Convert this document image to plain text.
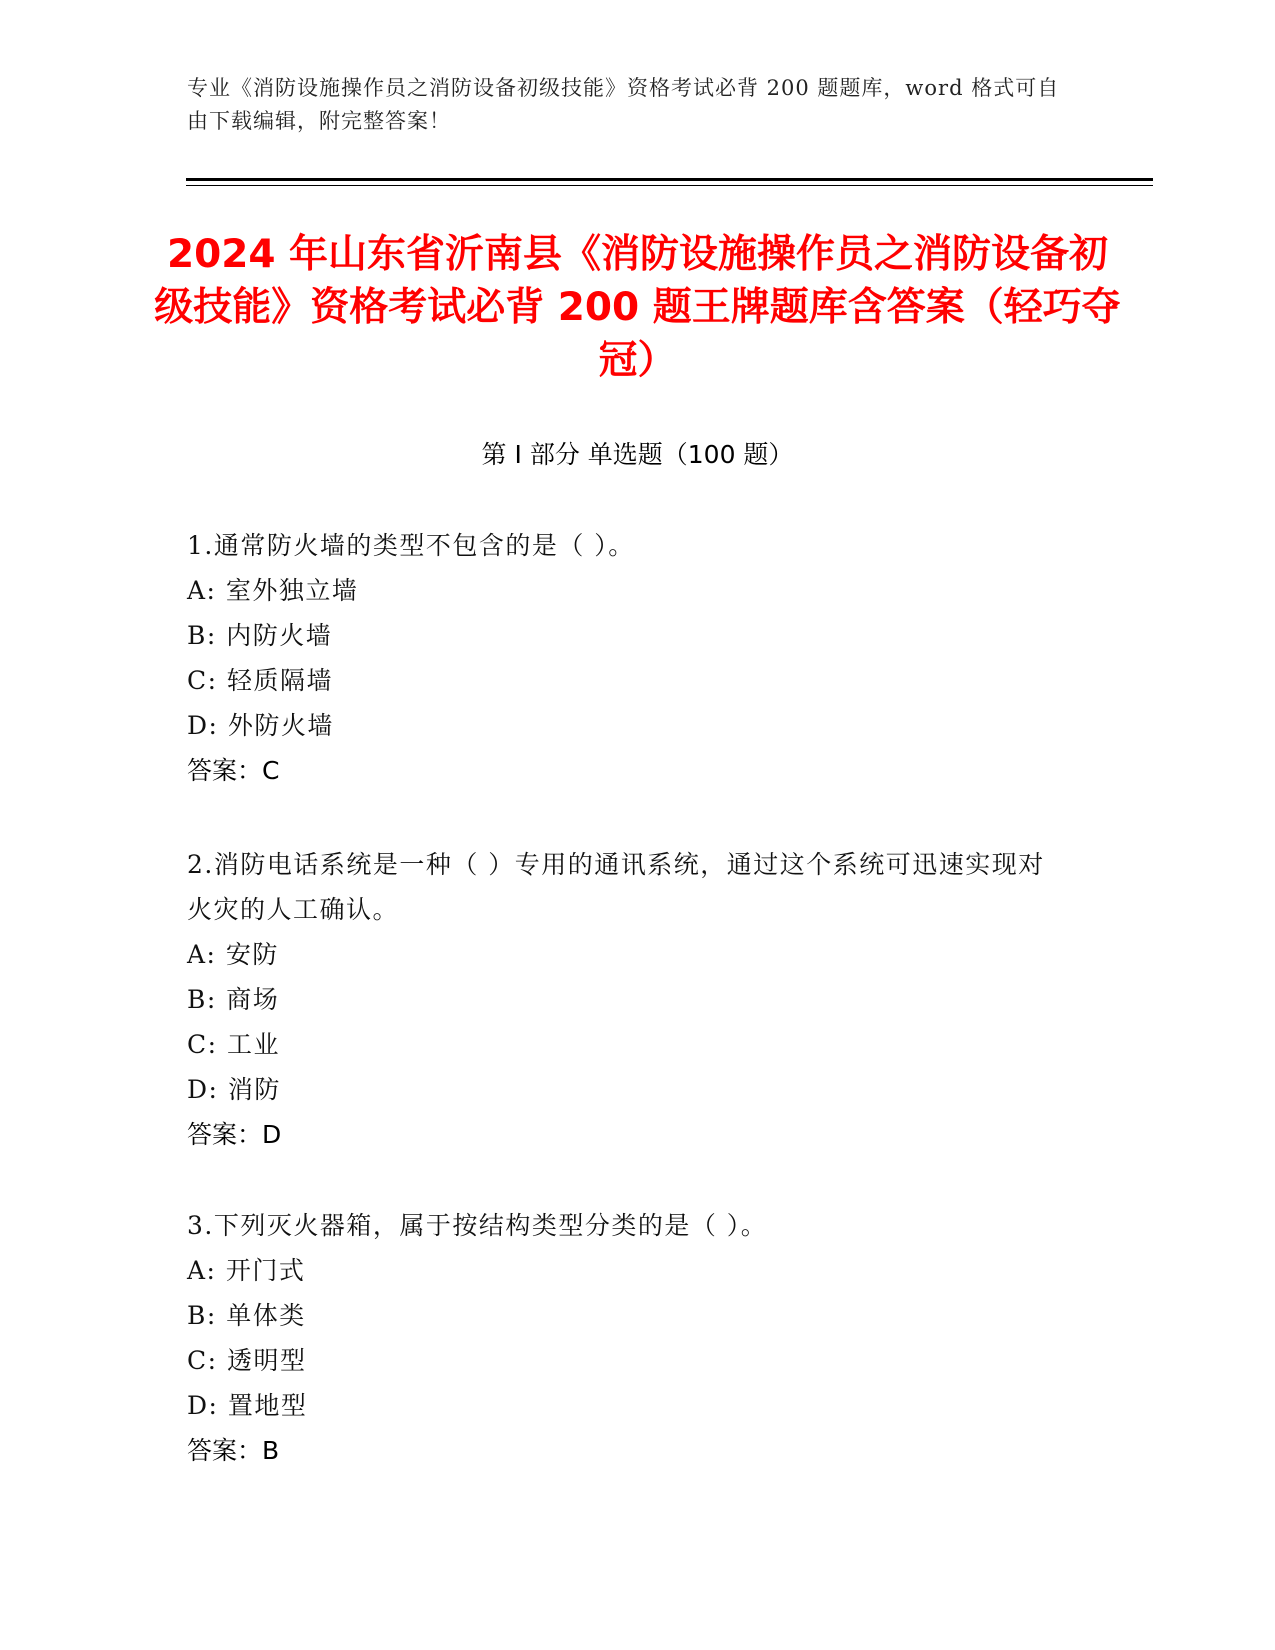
专业《消防设施操作员之消防设备初级技能》资格考试必背 200 题题库，word 格式可自由下载编辑，附完整答案！
2024 年山东省沂南县《消防设施操作员之消防设备初级技能》资格考试必背 200 题王牌题库含答案（轻巧夺冠）
第 I 部分 单选题（100 题）
1.通常防火墙的类型不包含的是（ ）。
A: 室外独立墙
B: 内防火墙
C: 轻质隔墙
D: 外防火墙
答案：C
2.消防电话系统是一种（ ）专用的通讯系统，通过这个系统可迅速实现对火灾的人工确认。
A: 安防
B: 商场
C: 工业
D: 消防
答案：D
3.下列灭火器箱，属于按结构类型分类的是（ ）。
A: 开门式
B: 单体类
C: 透明型
D: 置地型
答案：B
